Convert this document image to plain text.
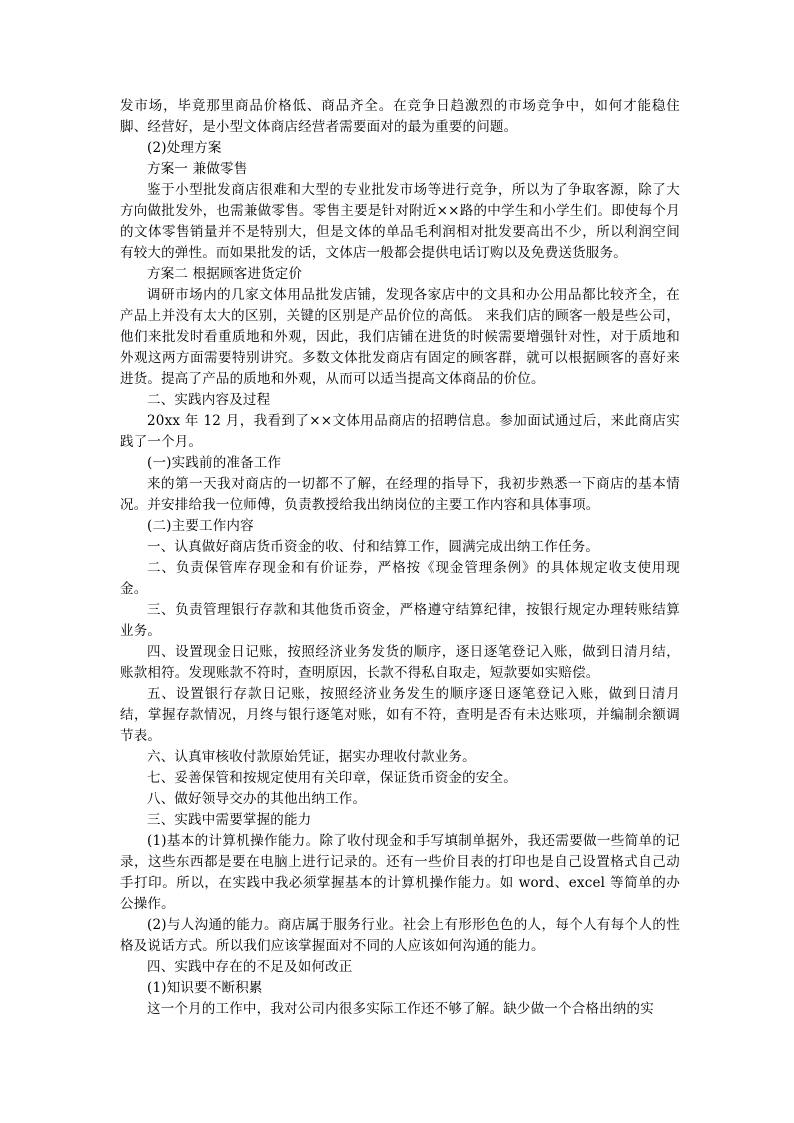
发市场，毕竟那里商品价格低、商品齐全。在竞争日趋激烈的市场竞争中，如何才能稳住脚、经营好，是小型文体商店经营者需要面对的最为重要的问题。

(2)处理方案

方案一 兼做零售

鉴于小型批发商店很难和大型的专业批发市场等进行竞争，所以为了争取客源，除了大方向做批发外，也需兼做零售。零售主要是针对附近××路的中学生和小学生们。即使每个月的文体零售销量并不是特别大，但是文体的单品毛利润相对批发要高出不少，所以利润空间有较大的弹性。而如果批发的话，文体店一般都会提供电话订购以及免费送货服务。

方案二 根据顾客进货定价

调研市场内的几家文体用品批发店铺，发现各家店中的文具和办公用品都比较齐全，在产品上并没有太大的区别，关键的区别是产品价位的高低。 来我们店的顾客一般是些公司，他们来批发时看重质地和外观，因此，我们店铺在进货的时候需要增强针对性，对于质地和外观这两方面需要特别讲究。多数文体批发商店有固定的顾客群，就可以根据顾客的喜好来进货。提高了产品的质地和外观，从而可以适当提高文体商品的价位。

二、实践内容及过程

20xx 年 12 月，我看到了××文体用品商店的招聘信息。参加面试通过后，来此商店实践了一个月。

(一)实践前的准备工作

来的第一天我对商店的一切都不了解，在经理的指导下，我初步熟悉一下商店的基本情况。并安排给我一位师傅，负责教授给我出纳岗位的主要工作内容和具体事项。

(二)主要工作内容

一、认真做好商店货币资金的收、付和结算工作，圆满完成出纳工作任务。

二、负责保管库存现金和有价证券，严格按《现金管理条例》的具体规定收支使用现金。

三、负责管理银行存款和其他货币资金，严格遵守结算纪律，按银行规定办理转账结算业务。

四、设置现金日记账，按照经济业务发货的顺序，逐日逐笔登记入账，做到日清月结，账款相符。发现账款不符时，查明原因，长款不得私自取走，短款要如实赔偿。

五、设置银行存款日记账，按照经济业务发生的顺序逐日逐笔登记入账，做到日清月结，掌握存款情况，月终与银行逐笔对账，如有不符，查明是否有未达账项，并编制余额调节表。

六、认真审核收付款原始凭证，据实办理收付款业务。

七、妥善保管和按规定使用有关印章，保证货币资金的安全。

八、做好领导交办的其他出纳工作。

三、实践中需要掌握的能力

(1)基本的计算机操作能力。除了收付现金和手写填制单据外，我还需要做一些简单的记录，这些东西都是要在电脑上进行记录的。还有一些价目表的打印也是自己设置格式自己动手打印。所以，在实践中我必须掌握基本的计算机操作能力。如 word、excel 等简单的办公操作。

(2)与人沟通的能力。商店属于服务行业。社会上有形形色色的人，每个人有每个人的性格及说话方式。所以我们应该掌握面对不同的人应该如何沟通的能力。

四、实践中存在的不足及如何改正

(1)知识要不断积累

这一个月的工作中，我对公司内很多实际工作还不够了解。缺少做一个合格出纳的实
